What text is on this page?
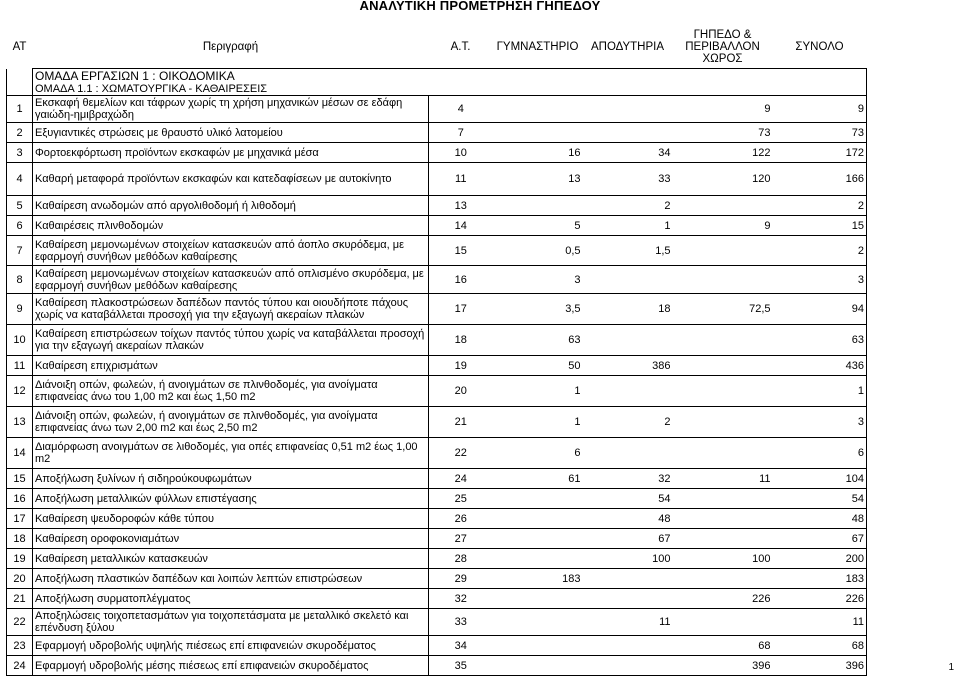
ΑΝΑΛΥΤΙΚΗ ΠΡΟΜΕΤΡΗΣΗ ΓΗΠΕΔΟΥ
ΑΤ	Περιγραφή	Α.Τ.	ΓΥΜΝΑΣΤΗΡΙΟ	ΑΠΟΔΥΤΗΡΙΑ	ΓΗΠΕΔΟ &
ΠΕΡΙΒΑΛΛΟΝ
ΧΩΡΟΣ	ΣΥΝΟΛΟ
	ΟΜΑΔΑ ΕΡΓΑΣΙΩΝ 1 : ΟΙΚΟΔΟΜΙΚΑ					
	ΟΜΑΔΑ 1.1 : ΧΩΜΑΤΟΥΡΓΙΚΑ - ΚΑΘΑΙΡΕΣΕΙΣ					
1	Εκσκαφή θεμελίων και τάφρων χωρίς τη χρήση μηχανικών μέσων σε εδάφη γαιώδη-ημιβραχώδη	4			9	9
2	Εξυγιαντικές στρώσεις με θραυστό υλικό λατομείου	7			73	73
3	Φορτοεκφόρτωση προϊόντων εκσκαφών με μηχανικά μέσα	10	16	34	122	172
4	Καθαρή μεταφορά προϊόντων εκσκαφών και κατεδαφίσεων με αυτοκίνητο	11	13	33	120	166
5	Καθαίρεση ανωδομών από αργολιθοδομή ή λιθοδομή	13		2		2
6	Καθαιρέσεις πλινθοδομών	14	5	1	9	15
7	Καθαίρεση μεμονωμένων στοιχείων κατασκευών από άοπλο σκυρόδεμα, με εφαρμογή συνήθων μεθόδων καθαίρεσης	15	0,5	1,5		2
8	Καθαίρεση μεμονωμένων στοιχείων κατασκευών από οπλισμένο σκυρόδεμα, με εφαρμογή συνήθων μεθόδων καθαίρεσης	16	3			3
9	Καθαίρεση πλακοστρώσεων δαπέδων παντός τύπου και οιουδήποτε πάχους χωρίς να καταβάλλεται προσοχή για την εξαγωγή ακεραίων πλακών	17	3,5	18	72,5	94
10	Καθαίρεση επιστρώσεων τοίχων παντός τύπου χωρίς να καταβάλλεται προσοχή για την εξαγωγή ακεραίων πλακών	18	63			63
11	Καθαίρεση επιχρισμάτων	19	50	386		436
12	Διάνοιξη οπών, φωλεών, ή ανοιγμάτων σε πλινθοδομές, για ανοίγματα επιφανείας άνω του 1,00 m2 και έως 1,50 m2	20	1			1
13	Διάνοιξη οπών, φωλεών, ή ανοιγμάτων σε πλινθοδομές, για ανοίγματα επιφανείας άνω των 2,00 m2 και έως 2,50 m2	21	1	2		3
14	Διαμόρφωση ανοιγμάτων σε λιθοδομές, για οπές επιφανείας 0,51 m2 έως 1,00 m2	22	6			6
15	Αποξήλωση ξυλίνων ή σιδηρούκουφωμάτων	24	61	32	11	104
16	Αποξήλωση μεταλλικών φύλλων επιστέγασης	25		54		54
17	Καθαίρεση ψευδοροφών κάθε τύπου	26		48		48
18	Καθαίρεση οροφοκονιαμάτων	27		67		67
19	Καθαίρεση μεταλλικών κατασκευών	28		100	100	200
20	Αποξήλωση πλαστικών δαπέδων και λοιπών λεπτών επιστρώσεων	29	183			183
21	Αποξήλωση συρματοπλέγματος	32			226	226
22	Αποξηλώσεις τοιχοπετασμάτων για τοιχοπετάσματα με μεταλλικό σκελετό και επένδυση ξύλου	33		11		11
23	Εφαρμογή υδροβολής υψηλής πιέσεως επί επιφανειών σκυροδέματος	34			68	68
24	Εφαρμογή υδροβολής μέσης πιέσεως επί επιφανειών σκυροδέματος	35			396	396	1
